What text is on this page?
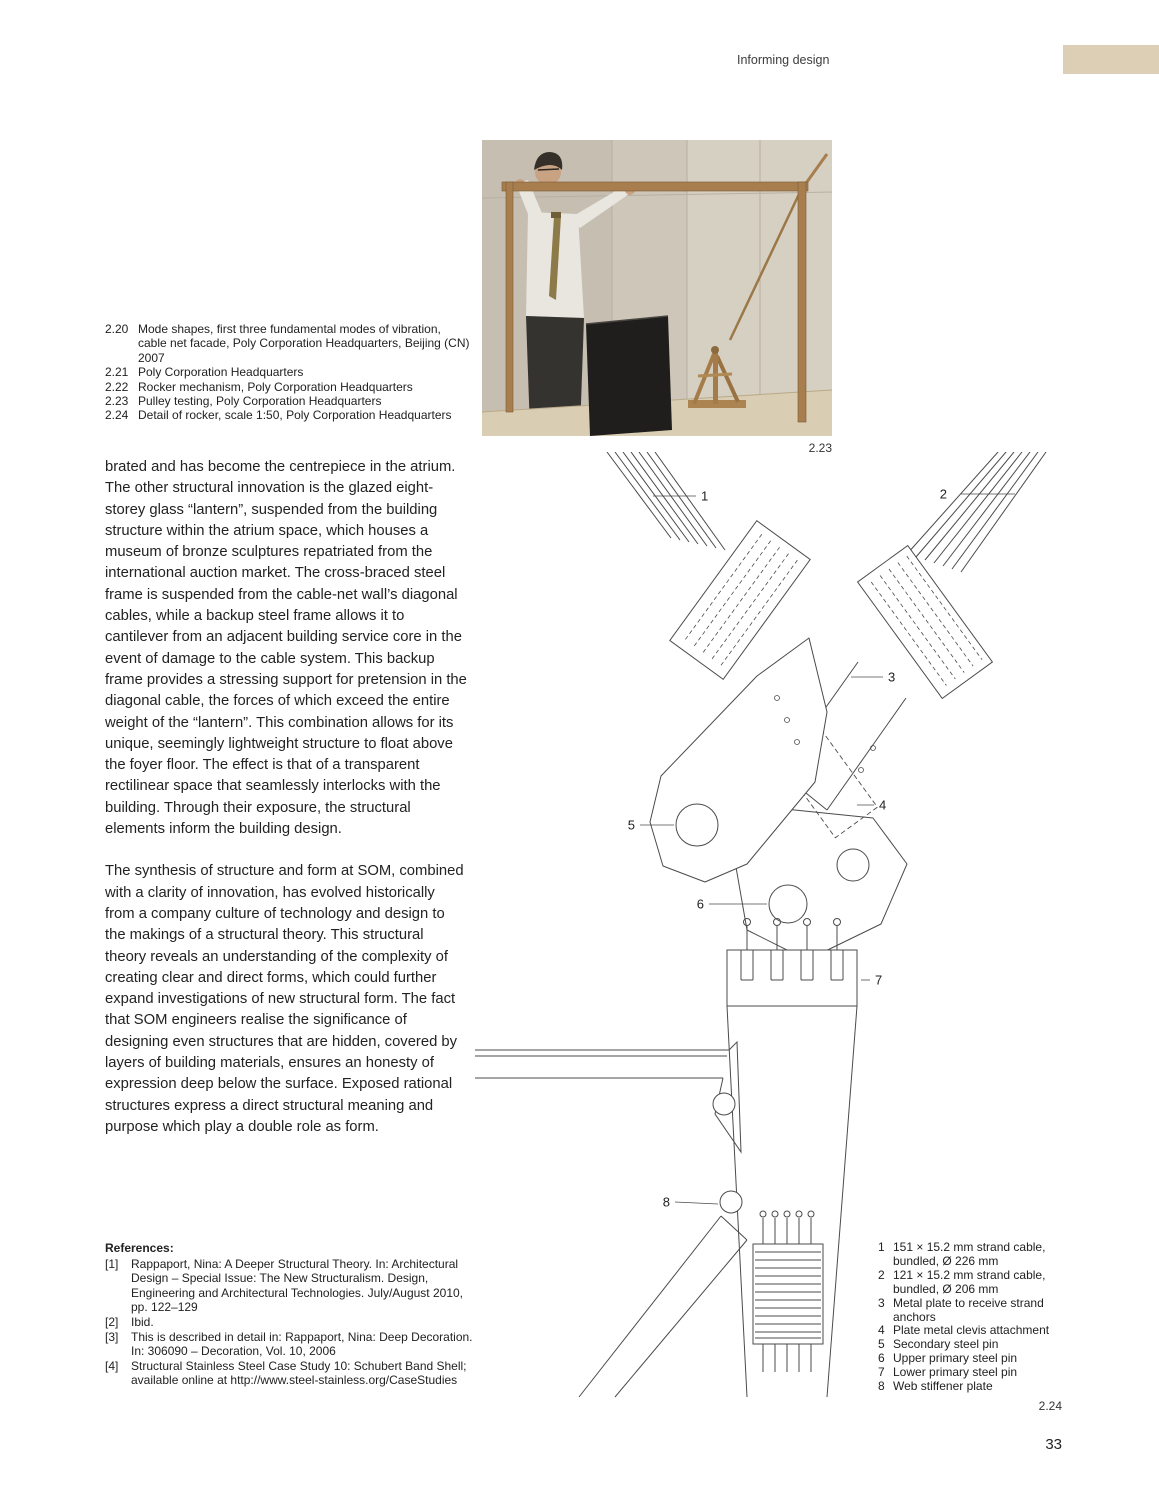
Informing design
2.23
2.20 Mode shapes, first three fundamental modes of vibration, cable net facade, Poly Corporation Headquarters, Beijing (CN) 2007
2.21 Poly Corporation Headquarters
2.22 Rocker mechanism, Poly Corporation Headquarters
2.23 Pulley testing, Poly Corporation Headquarters
2.24 Detail of rocker, scale 1:50, Poly Corporation Headquarters

brated and has become the centrepiece in the atrium.

The other structural innovation is the glazed eight-storey glass “lantern”, suspended from the building structure within the atrium space, which houses a museum of bronze sculptures repatriated from the international auction market. The cross-braced steel frame is suspended from the cable-net wall’s diagonal cables, while a backup steel frame allows it to cantilever from an adjacent building service core in the event of damage to the cable system. This backup frame provides a stressing support for pretension in the diagonal cable, the forces of which exceed the entire weight of the “lantern”. This combination allows for its unique, seemingly lightweight structure to float above the foyer floor. The effect is that of a transparent rectilinear space that seamlessly interlocks with the building. Through their exposure, the structural elements inform the building design.

The synthesis of structure and form at SOM, combined with a clarity of innovation, has evolved historically from a company culture of technology and design to the makings of a structural theory. This structural theory reveals an understanding of the complexity of creating clear and direct forms, which could further expand investigations of new structural form. The fact that SOM engineers realise the significance of designing even structures that are hidden, covered by layers of building materials, ensures an honesty of expression deep below the surface. Exposed rational structures express a direct structural meaning and purpose which play a double role as form.

References:
[1]	Rappaport, Nina: A Deeper Structural Theory. In: Architectural Design – Special Issue: The New Structuralism. Design, Engineering and Architectural Technologies. July/August 2010, pp. 122–129
[2]	Ibid.
[3]	This is described in detail in: Rappaport, Nina: Deep Decoration. In: 306090 – Decoration, Vol. 10, 2006
[4]	Structural Stainless Steel Case Study 10: Schubert Band Shell; available online at http://www.steel-stainless.org/CaseStudies
1	2
3
4
5
6
7
8
1 151 × 15.2 mm strand cable, bundled, Ø 226 mm
2 121 × 15.2 mm strand cable, bundled, Ø 206 mm
3 Metal plate to receive strand anchors
4 Plate metal clevis attachment
5 Secondary steel pin
6 Upper primary steel pin
7 Lower primary steel pin
8 Web stiffener plate
2.24
33
